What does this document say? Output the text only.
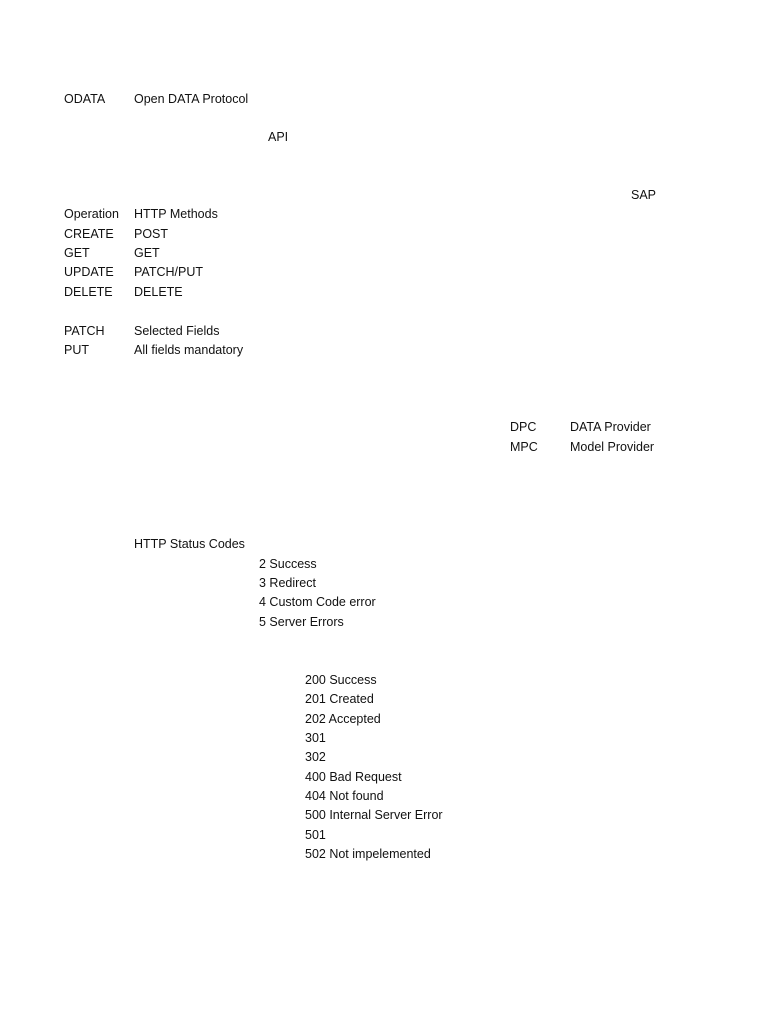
ODATA Open DATA Protocol
API
SAP
Operation HTTP Methods
CREATE POST
GET	GET
UPDATE PATCH/PUT
DELETE DELETE
PATCH Selected Fields
PUT	All fields mandatory
DPC	DATA Provider
MPC	Model Provider
HTTP Status Codes
2 Success
3 Redirect
4 Custom Code error
5 Server Errors
200 Success
201 Created
202 Accepted
301
302
400 Bad Request
404 Not found
500 Internal Server Error
501
502 Not impelemented
